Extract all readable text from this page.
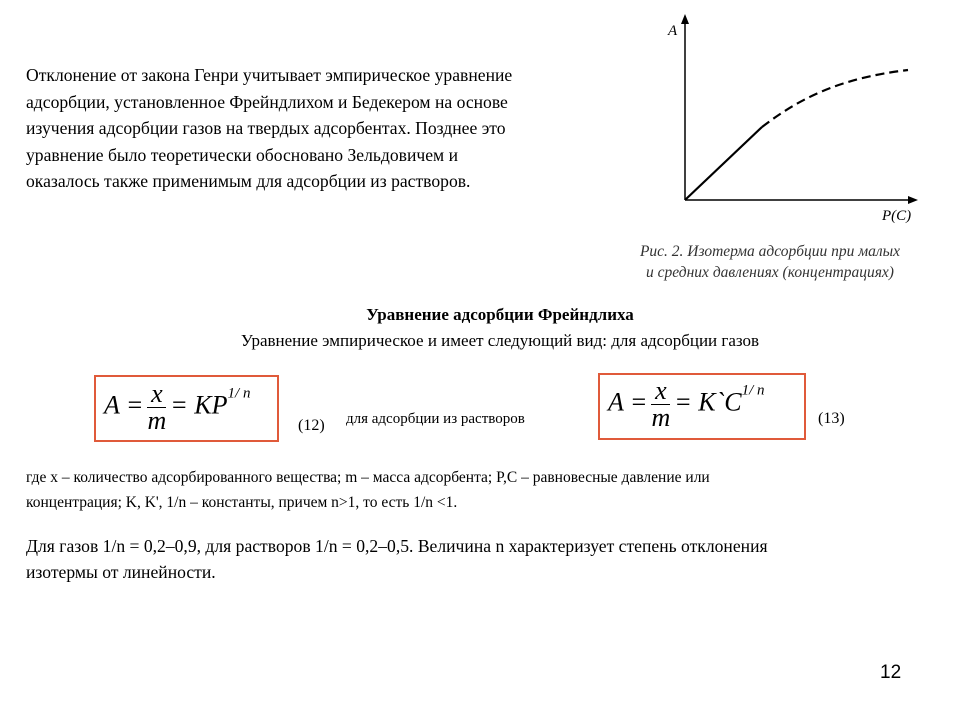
Отклонение от закона Генри учитывает эмпирическое уравнение
адсорбции, установленное Фрейндлихом и Бедекером на основе
изучения адсорбции газов на твердых адсорбентах. Позднее это
уравнение было теоретически обосновано Зельдовичем и
оказалось также применимым для адсорбции из растворов.
A
P(C)
Рис. 2. Изотерма адсорбции при малых
и средних давлениях (концентрациях)
Уравнение адсорбции Фрейндлиха
Уравнение эмпирическое и имеет следующий вид: для адсорбции газов
$A = \frac{x}{m} = KP^{1/ n}$
(12) для адсорбции из растворов
$A = \frac{x}{m}$ = $K`C^{1/ n}$
(13)
где x – количество адсорбированного вещества; m – масса адсорбента; P,C – равновесные давление или
концентрация; K, K', 1/n – константы, причем n>1, то есть 1/n <1.
Для газов 1/n = 0,2–0,9, для растворов 1/n = 0,2–0,5. Величина n характеризует степень отклонения
изотермы от линейности.
12
